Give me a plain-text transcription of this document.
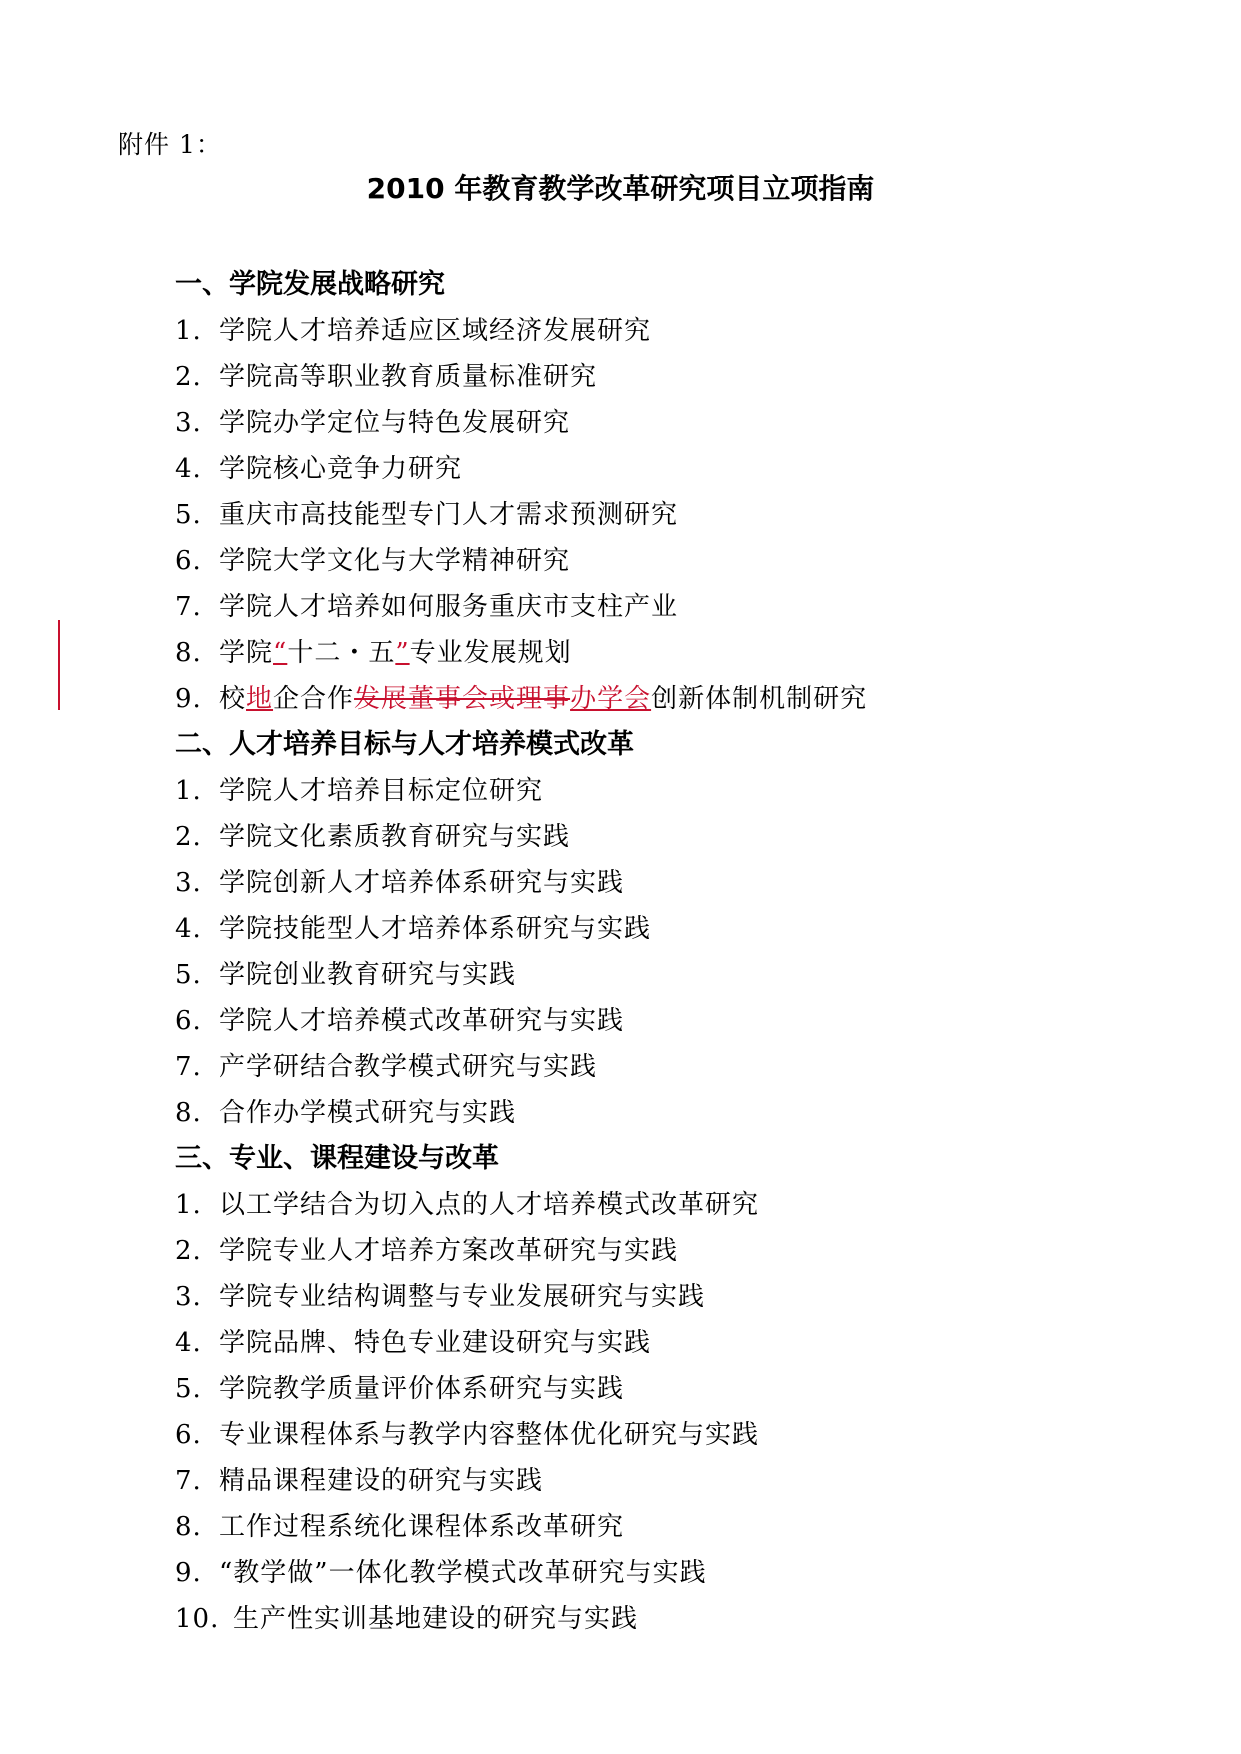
附件 1：
2010 年教育教学改革研究项目立项指南
一、学院发展战略研究
1. 学院人才培养适应区域经济发展研究
2. 学院高等职业教育质量标准研究
3. 学院办学定位与特色发展研究
4. 学院核心竞争力研究
5. 重庆市高技能型专门人才需求预测研究
6. 学院大学文化与大学精神研究
7. 学院人才培养如何服务重庆市支柱产业
8. 学院“十二・五”专业发展规划
9. 校地企合作发展董事会或理事办学会创新体制机制研究
二、人才培养目标与人才培养模式改革
1. 学院人才培养目标定位研究
2. 学院文化素质教育研究与实践
3. 学院创新人才培养体系研究与实践
4. 学院技能型人才培养体系研究与实践
5. 学院创业教育研究与实践
6. 学院人才培养模式改革研究与实践
7. 产学研结合教学模式研究与实践
8. 合作办学模式研究与实践
三、专业、课程建设与改革
1. 以工学结合为切入点的人才培养模式改革研究
2. 学院专业人才培养方案改革研究与实践
3. 学院专业结构调整与专业发展研究与实践
4. 学院品牌、特色专业建设研究与实践
5. 学院教学质量评价体系研究与实践
6. 专业课程体系与教学内容整体优化研究与实践
7. 精品课程建设的研究与实践
8. 工作过程系统化课程体系改革研究
9. “教学做”一体化教学模式改革研究与实践
10. 生产性实训基地建设的研究与实践
